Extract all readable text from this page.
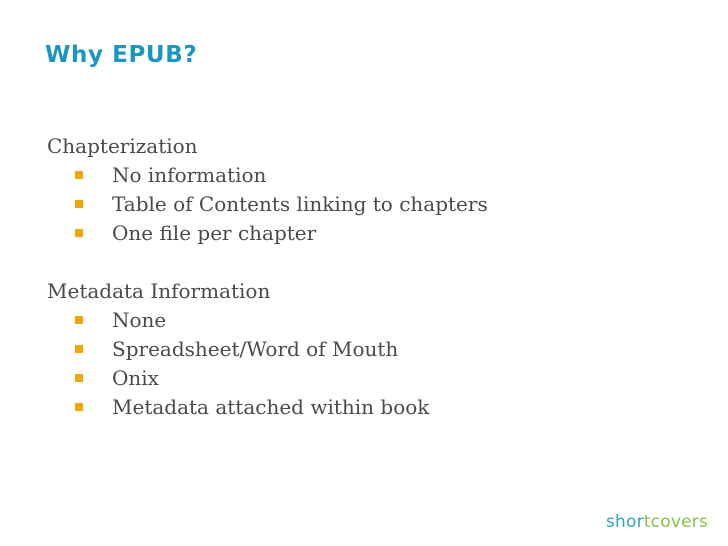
Why EPUB?
Chapterization
No information
Table of Contents linking to chapters
One file per chapter
Metadata Information
None
Spreadsheet/Word of Mouth
Onix
Metadata attached within book
shortcovers
